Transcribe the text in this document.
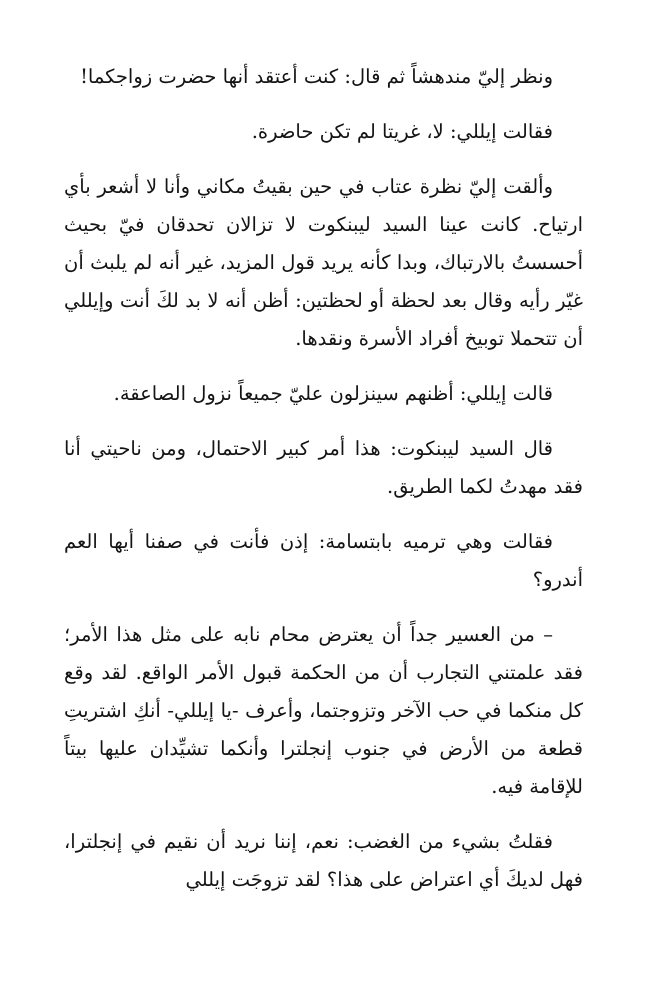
ونظر إليّ مندهشاً ثم قال: كنت أعتقد أنها حضرت زواجكما!

فقالت إيللي: لا، غريتا لم تكن حاضرة.

وألقت إليّ نظرة عتاب في حين بقيتُ مكاني وأنا لا أشعر بأي ارتياح. كانت عينا السيد ليبنكوت لا تزالان تحدقان فيّ بحيث أحسستُ بالارتباك، وبدا كأنه يريد قول المزيد، غير أنه لم يلبث أن غيّر رأيه وقال بعد لحظة أو لحظتين: أظن أنه لا بد لكَ أنت وإيللي أن تتحملا توبيخ أفراد الأسرة ونقدها.

قالت إيللي: أظنهم سينزلون عليّ جميعاً نزول الصاعقة.

قال السيد ليبنكوت: هذا أمر كبير الاحتمال، ومن ناحيتي أنا فقد مهدتُ لكما الطريق.

فقالت وهي ترميه بابتسامة: إذن فأنت في صفنا أيها العم أندرو؟

– من العسير جداً أن يعترض محام نابه على مثل هذا الأمر؛ فقد علمتني التجارب أن من الحكمة قبول الأمر الواقع. لقد وقع كل منكما في حب الآخر وتزوجتما، وأعرف -يا إيللي- أنكِ اشتريتِ قطعة من الأرض في جنوب إنجلترا وأنكما تشيِّدان عليها بيتاً للإقامة فيه.

فقلتُ بشيء من الغضب: نعم، إننا نريد أن نقيم في إنجلترا، فهل لديكَ أي اعتراض على هذا؟ لقد تزوجَت إيللي
